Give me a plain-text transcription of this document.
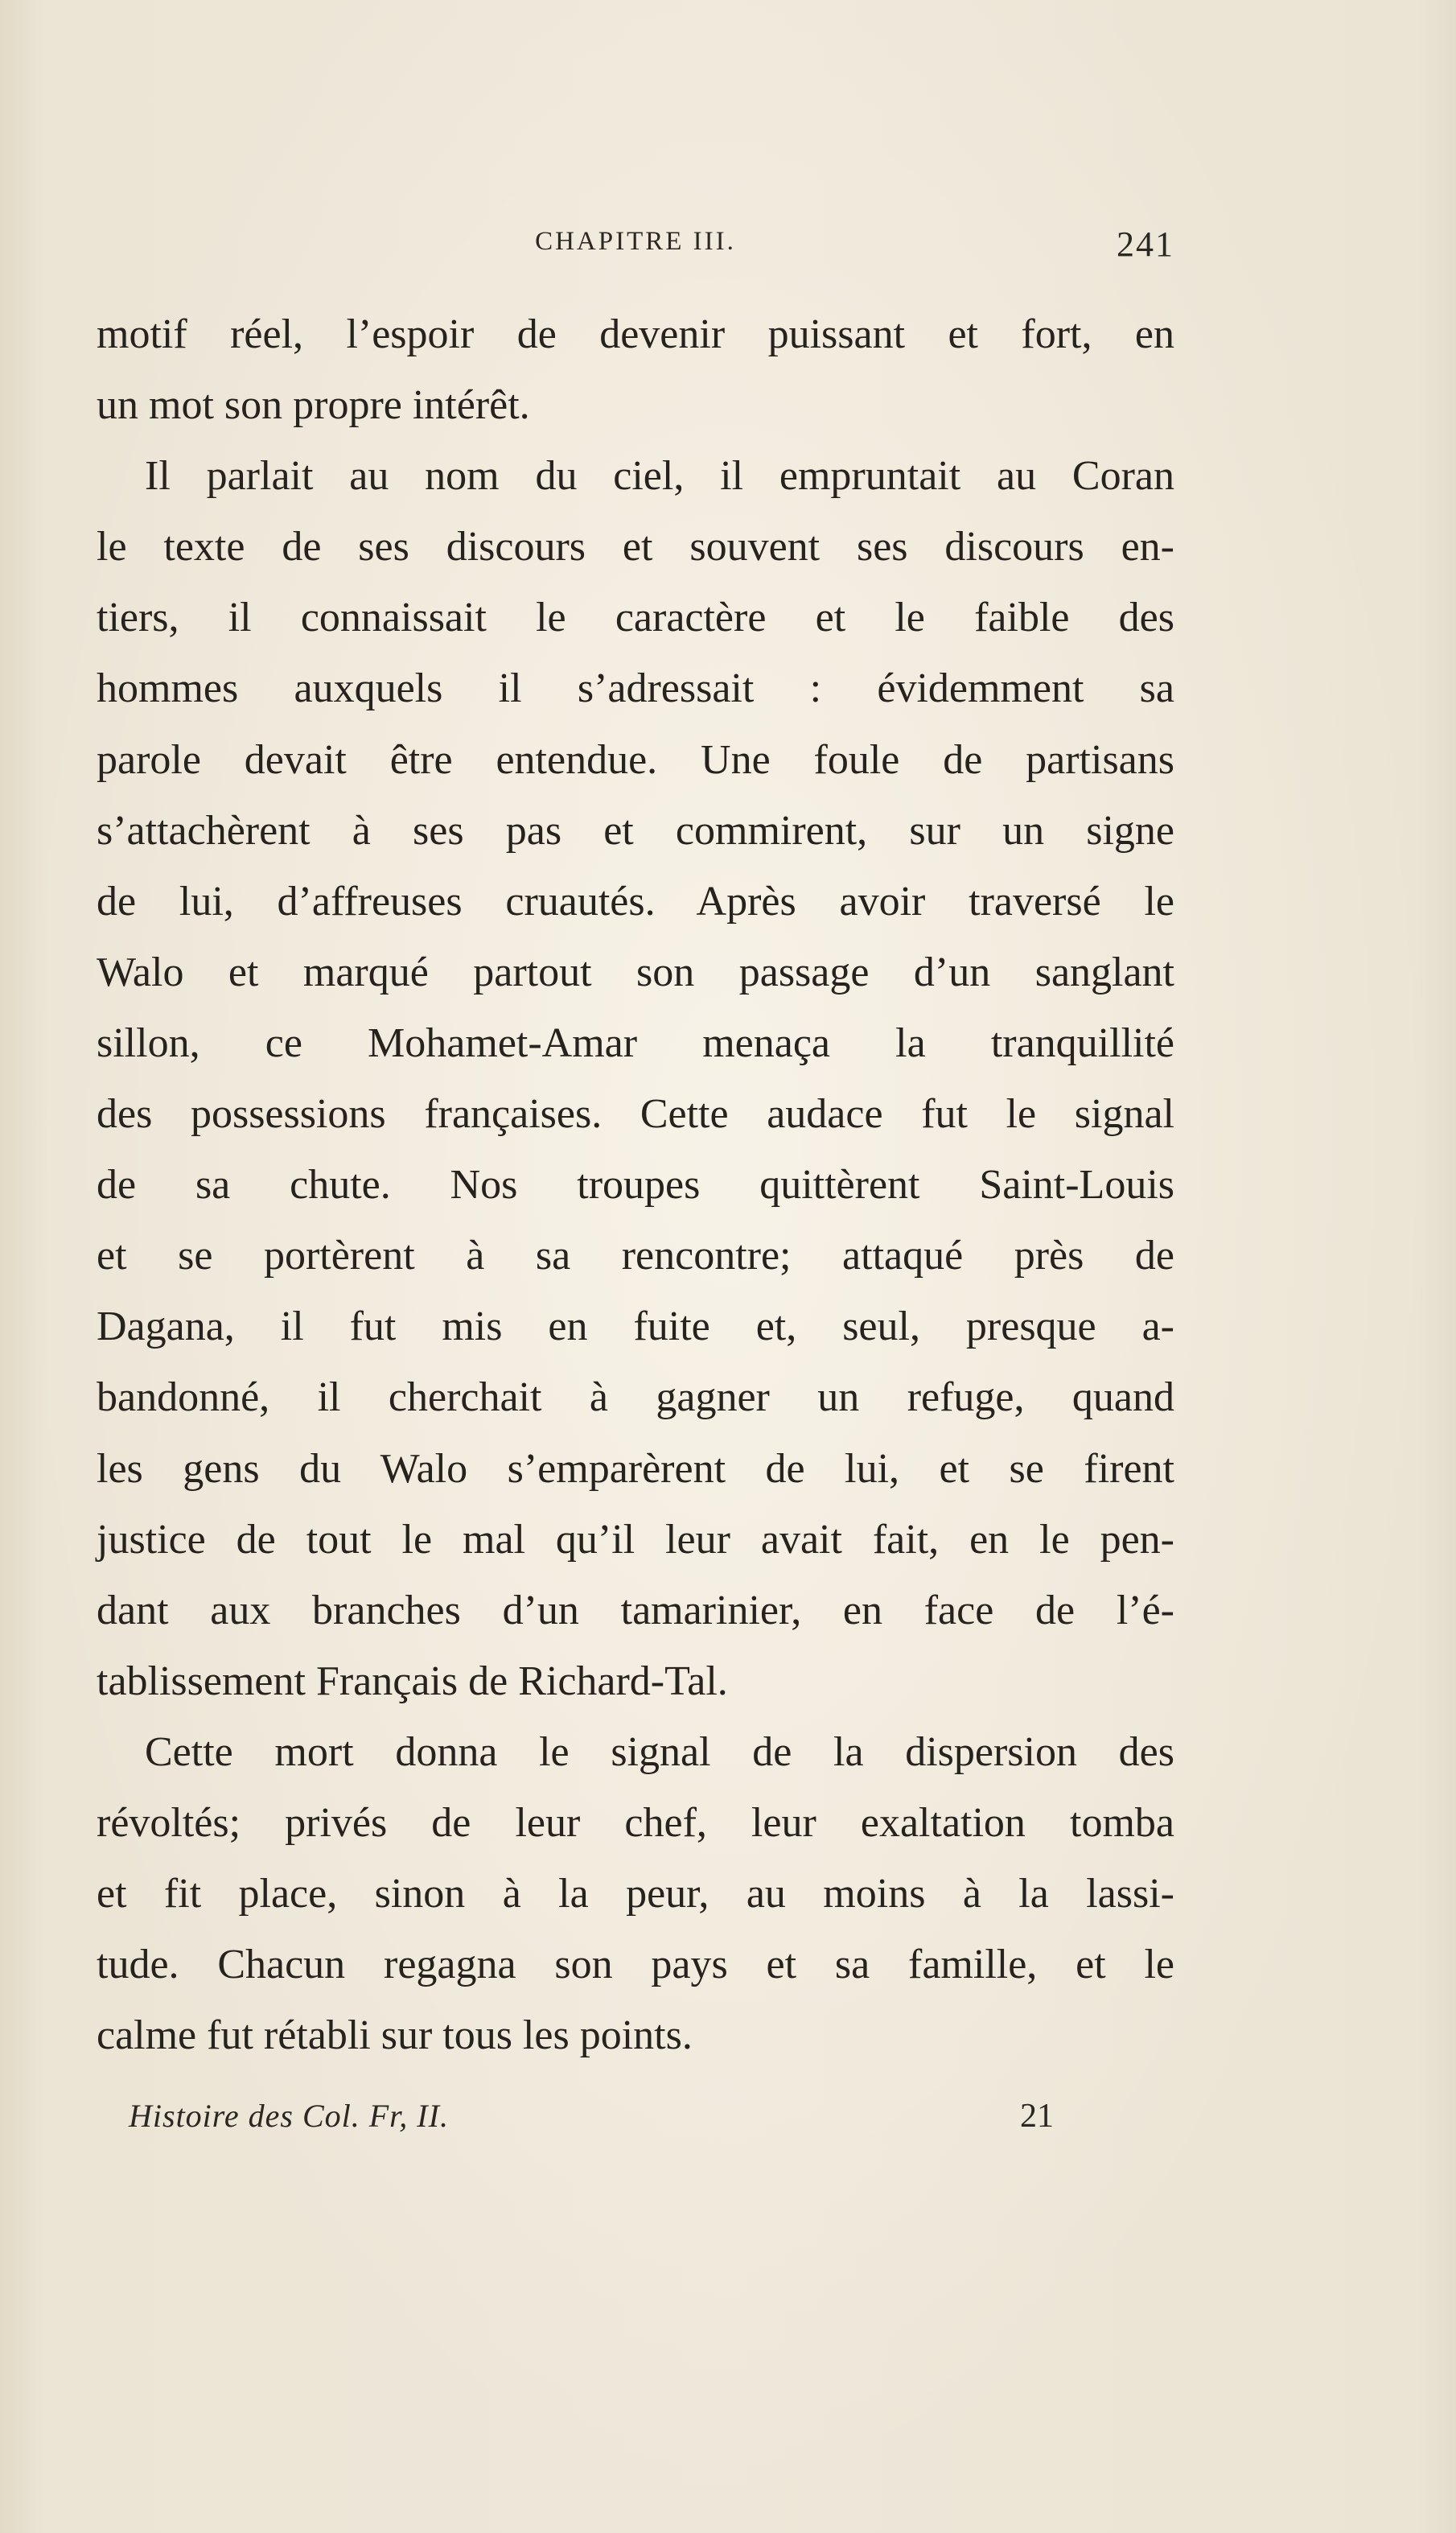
CHAPITRE III.	241
motif réel, l’espoir de devenir puissant et fort, en
un mot son propre intérêt.
Il parlait au nom du ciel, il empruntait au Coran
le texte de ses discours et souvent ses discours en-
tiers, il connaissait le caractère et le faible des
hommes auxquels il s’adressait : évidemment sa
parole devait être entendue. Une foule de partisans
s’attachèrent à ses pas et commirent, sur un signe
de lui, d’affreuses cruautés. Après avoir traversé le
Walo et marqué partout son passage d’un sanglant
sillon, ce Mohamet-Amar menaça la tranquillité
des possessions françaises. Cette audace fut le signal
de sa chute. Nos troupes quittèrent Saint-Louis
et se portèrent à sa rencontre; attaqué près de
Dagana, il fut mis en fuite et, seul, presque a-
bandonné, il cherchait à gagner un refuge, quand
les gens du Walo s’emparèrent de lui, et se firent
justice de tout le mal qu’il leur avait fait, en le pen-
dant aux branches d’un tamarinier, en face de l’é-
tablissement Français de Richard-Tal.
Cette mort donna le signal de la dispersion des
révoltés; privés de leur chef, leur exaltation tomba
et fit place, sinon à la peur, au moins à la lassi-
tude. Chacun regagna son pays et sa famille, et le
calme fut rétabli sur tous les points.
Histoire des Col. Fr, II.	21
